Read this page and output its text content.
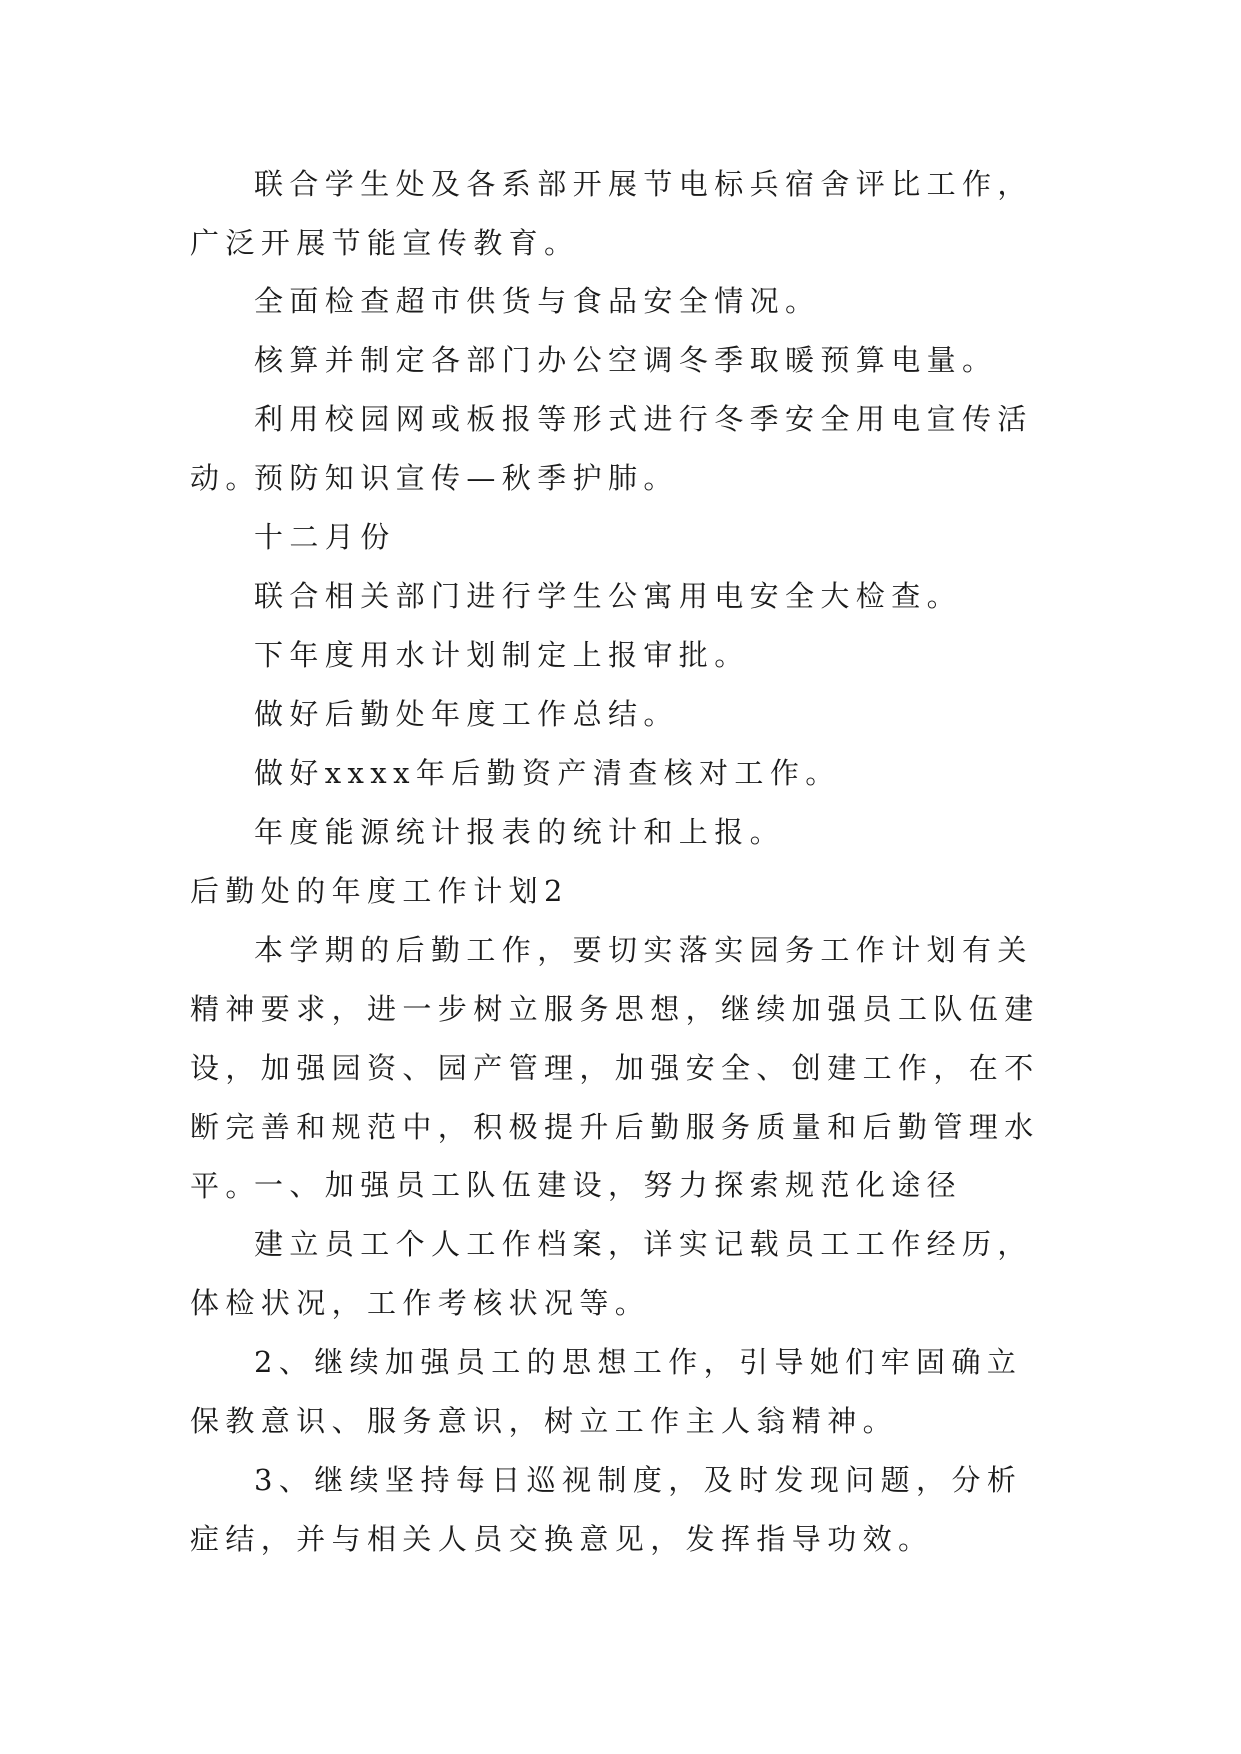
联合学生处及各系部开展节电标兵宿舍评比工作，广泛开展节能宣传教育。

全面检查超市供货与食品安全情况。

核算并制定各部门办公空调冬季取暖预算电量。

利用校园网或板报等形式进行冬季安全用电宣传活动。

预防知识宣传—秋季护肺。

十二月份

联合相关部门进行学生公寓用电安全大检查。

下年度用水计划制定上报审批。

做好后勤处年度工作总结。

做好xxxx年后勤资产清查核对工作。

年度能源统计报表的统计和上报。

后勤处的年度工作计划2

本学期的后勤工作，要切实落实园务工作计划有关精神要求，进一步树立服务思想，继续加强员工队伍建设，加强园资、园产管理，加强安全、创建工作，在不断完善和规范中，积极提升后勤服务质量和后勤管理水平。

一、加强员工队伍建设，努力探索规范化途径

建立员工个人工作档案，详实记载员工工作经历，体检状况，工作考核状况等。

2、继续加强员工的思想工作，引导她们牢固确立保教意识、服务意识，树立工作主人翁精神。

3、继续坚持每日巡视制度，及时发现问题，分析症结，并与相关人员交换意见，发挥指导功效。
